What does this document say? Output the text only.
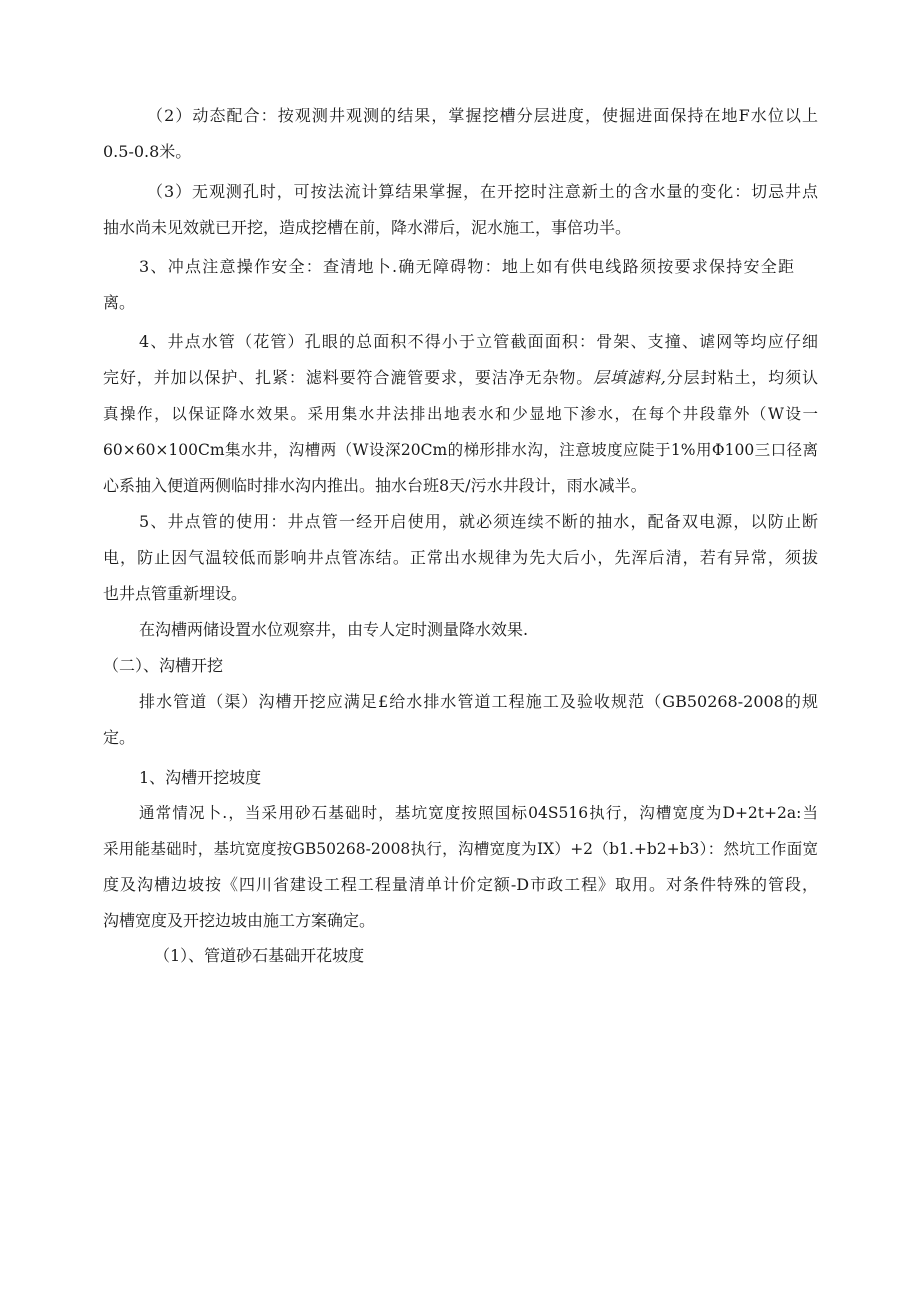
（2）动态配合：按观测井观测的结果，掌握挖槽分层进度，使掘进面保持在地F水位以上
0.5-0.8米。
（3）无观测孔时，可按法流计算结果掌握，在开挖时注意新土的含水量的变化：切忌井点
抽水尚未见效就已开挖，造成挖槽在前，降水滞后，泥水施工，事倍功半。
3、冲点注意操作安全：查清地卜.确无障碍物：地上如有供电线路须按要求保持安全距
离。
4、井点水管（花管）孔眼的总面积不得小于立管截面面积：骨架、支撞、谑网等均应仔细
完好，并加以保护、扎紧：滤料要符合漉管要求，要洁净无杂物。层填滤料,分层封粘土，均须认
真操作，以保证降水效果。采用集水井法排出地表水和少显地下渗水，在每个井段靠外（W设一
60×60×100Cm集水井，沟槽两（W设深20Cm的梯形排水沟，注意坡度应陡于1%用Φ100三口径离
心系抽入便道两侧临时排水沟内推出。抽水台班8天/污水井段计，雨水减半。
5、井点管的使用：井点管一经开启使用，就必须连续不断的抽水，配备双电源，以防止断
电，防止因气温较低而影响井点管冻结。正常出水规律为先大后小，先浑后清，若有异常，须拔
也井点管重新埋设。
在沟槽两储设置水位观察井，由专人定时测量降水效果.
（二）、沟槽开挖
排水管道（渠）沟槽开挖应满足£给水排水管道工程施工及验收规范（GB50268-2008的规
定。
1、沟槽开挖坡度
通常情况卜.，当采用砂石基础时，基坑宽度按照国标04S516执行，沟槽宽度为D+2t+2a:当
采用能基础时，基坑宽度按GB50268-2008执行，沟槽宽度为IX）+2（b1.+b2+b3）：然坑工作面宽
度及沟槽边坡按《四川省建设工程工程量清单计价定额-D市政工程》取用。对条件特殊的管段，
沟槽宽度及开挖边坡由施工方案确定。
（1）、管道砂石基础开花坡度
